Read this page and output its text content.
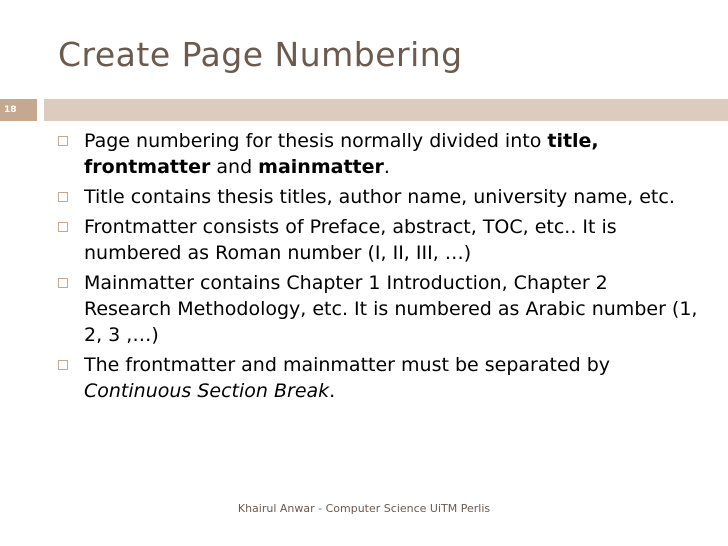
Create Page Numbering
18
Page numbering for thesis normally divided into title, frontmatter and mainmatter.
Title contains thesis titles, author name, university name, etc.
Frontmatter consists of Preface, abstract, TOC, etc.. It is numbered as Roman number (I, II, III, …)
Mainmatter contains Chapter 1 Introduction, Chapter 2 Research Methodology, etc. It is numbered as Arabic number (1, 2, 3 ,…)
The frontmatter and mainmatter must be separated by Continuous Section Break.
Khairul Anwar - Computer Science UiTM Perlis
